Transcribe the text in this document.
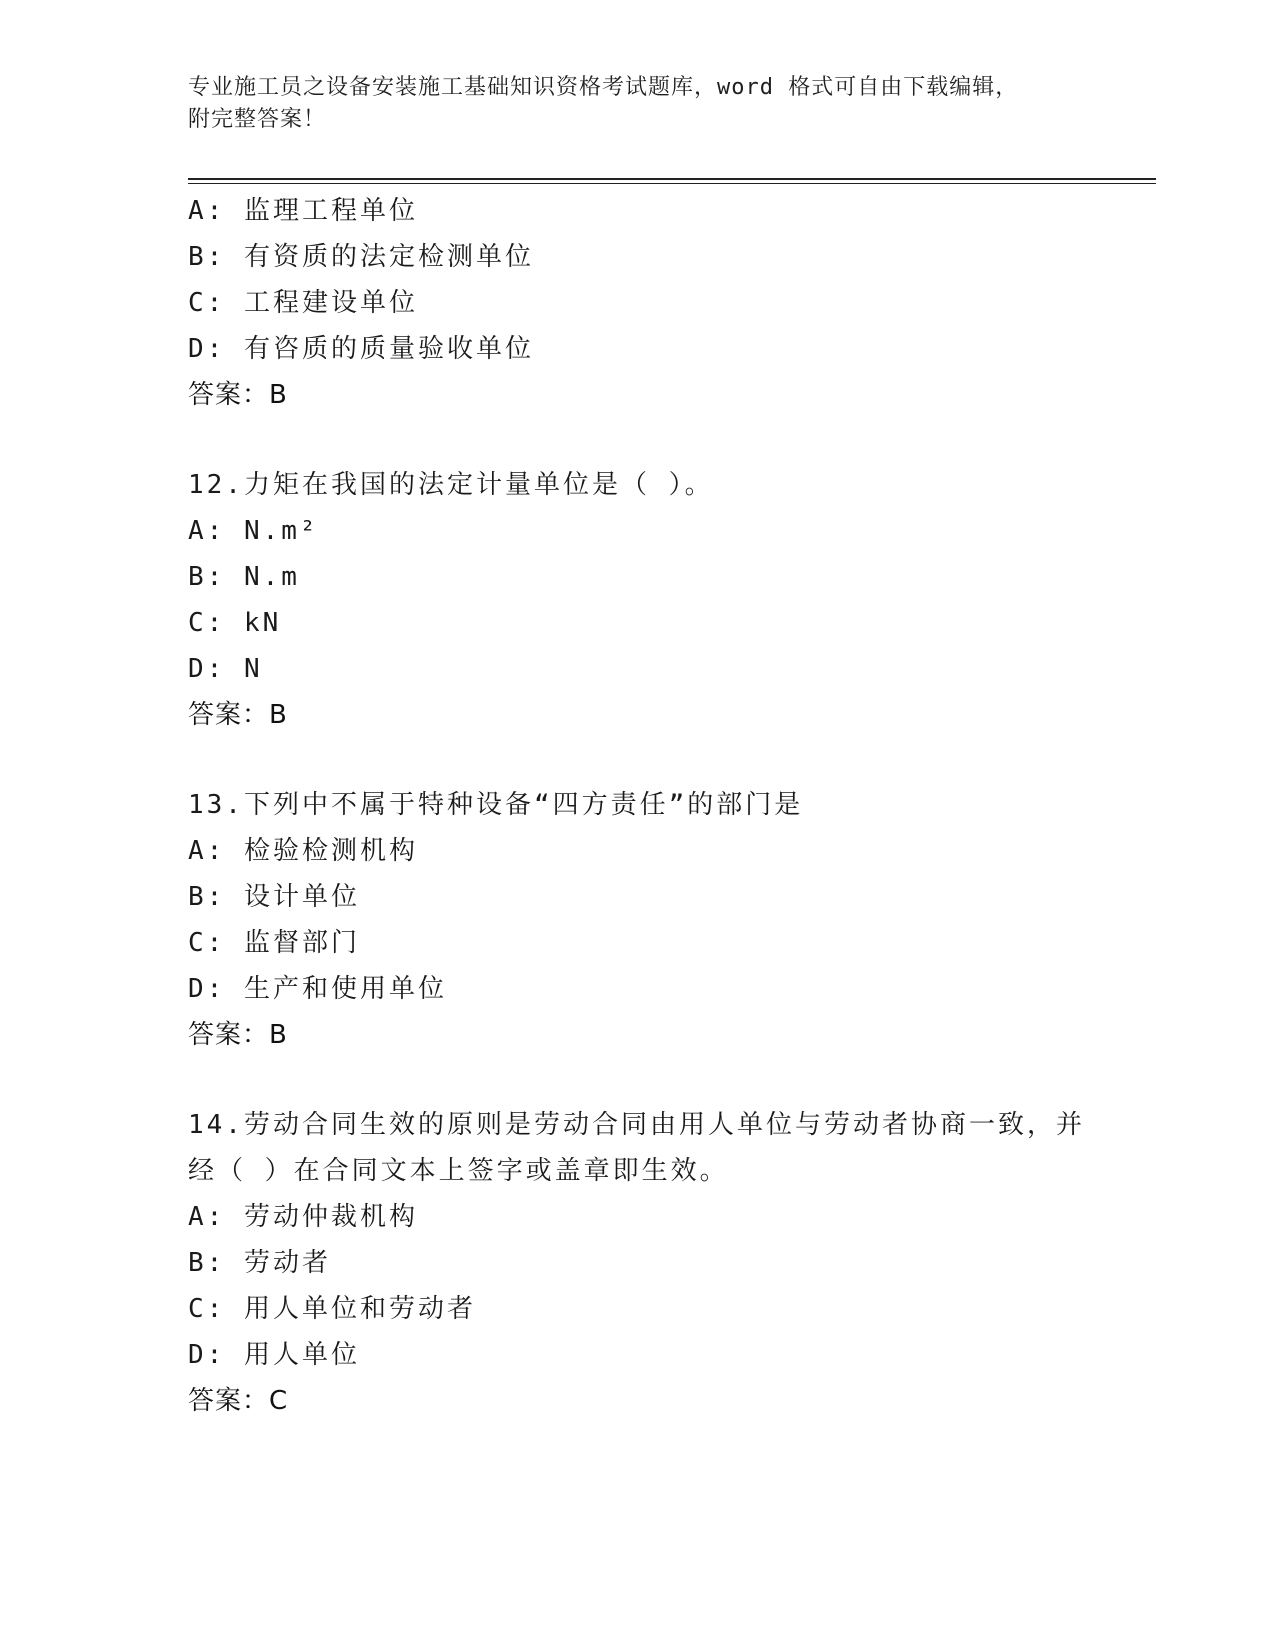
专业施工员之设备安装施工基础知识资格考试题库，word 格式可自由下载编辑，
附完整答案！
A: 监理工程单位
B: 有资质的法定检测单位
C: 工程建设单位
D: 有咨质的质量验收单位
答案：B
12.力矩在我国的法定计量单位是（ ）。
A: N.m²
B: N.m
C: kN
D: N
答案：B
13.下列中不属于特种设备“四方责任”的部门是
A: 检验检测机构
B: 设计单位
C: 监督部门
D: 生产和使用单位
答案：B
14.劳动合同生效的原则是劳动合同由用人单位与劳动者协商一致，并
经（ ）在合同文本上签字或盖章即生效。
A: 劳动仲裁机构
B: 劳动者
C: 用人单位和劳动者
D: 用人单位
答案：C
